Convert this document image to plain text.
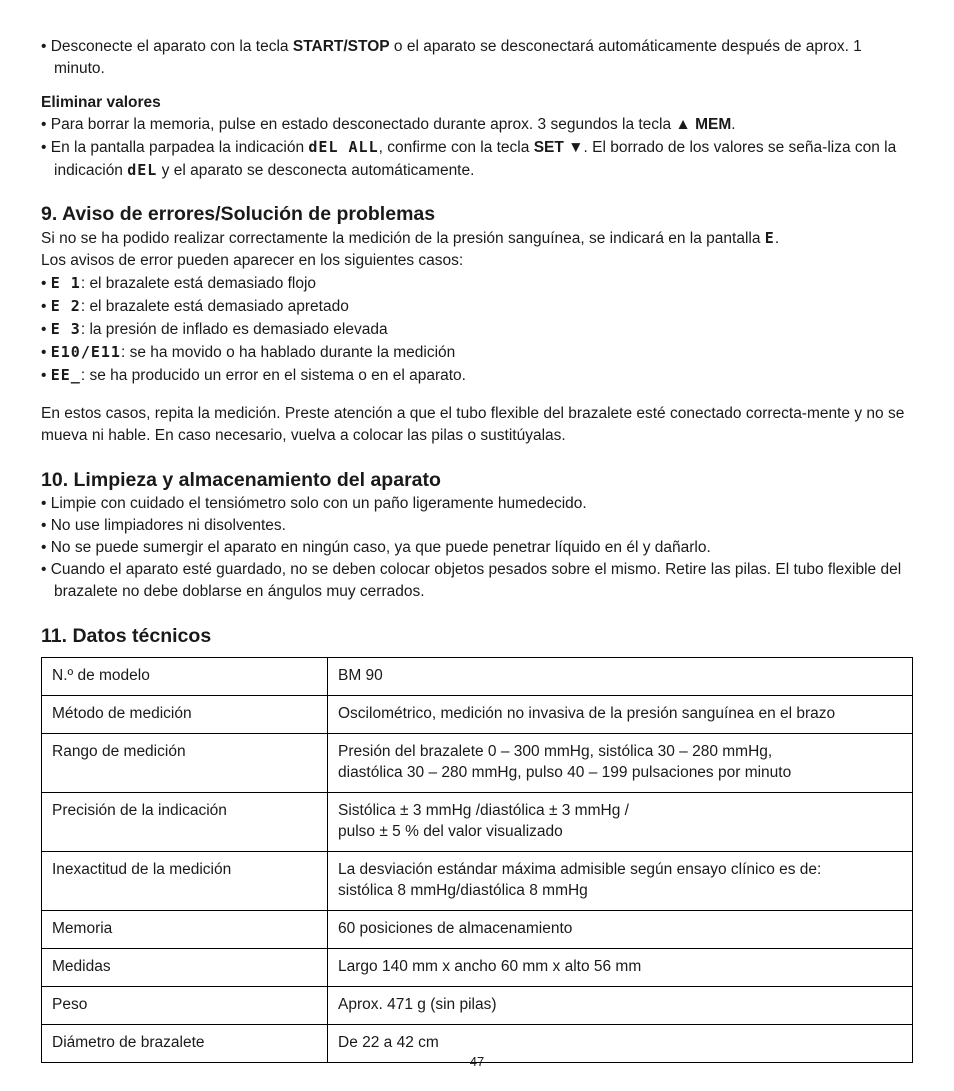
• Desconecte el aparato con la tecla START/STOP o el aparato se desconectará automáticamente después de aprox. 1 minuto.

Eliminar valores

• Para borrar la memoria, pulse en estado desconectado durante aprox. 3 segundos la tecla ▲ MEM.

• En la pantalla parpadea la indicación dEL ALL, confirme con la tecla SET ▼. El borrado de los valores se seña-liza con la indicación dEL y el aparato se desconecta automáticamente.

9. Aviso de errores/Solución de problemas

Si no se ha podido realizar correctamente la medición de la presión sanguínea, se indicará en la pantalla E.

Los avisos de error pueden aparecer en los siguientes casos:

• E 1: el brazalete está demasiado flojo

• E 2: el brazalete está demasiado apretado

• E 3: la presión de inflado es demasiado elevada

• E10/E11: se ha movido o ha hablado durante la medición

• EE_: se ha producido un error en el sistema o en el aparato.

En estos casos, repita la medición. Preste atención a que el tubo flexible del brazalete esté conectado correcta-mente y no se mueva ni hable. En caso necesario, vuelva a colocar las pilas o sustitúyalas.

10. Limpieza y almacenamiento del aparato

• Limpie con cuidado el tensiómetro solo con un paño ligeramente humedecido.

• No use limpiadores ni disolventes.

• No se puede sumergir el aparato en ningún caso, ya que puede penetrar líquido en él y dañarlo.

• Cuando el aparato esté guardado, no se deben colocar objetos pesados sobre el mismo. Retire las pilas. El tubo flexible del brazalete no debe doblarse en ángulos muy cerrados.

11. Datos técnicos
N.º de modelo	BM 90

Método de medición	Oscilométrico, medición no invasiva de la presión sanguínea en el brazo

Rango de medición	Presión del brazalete 0 – 300 mmHg, sistólica 30 – 280 mmHg,
diastólica 30 – 280 mmHg, pulso 40 – 199 pulsaciones por minuto

Precisión de la indicación	Sistólica ± 3 mmHg /diastólica ± 3 mmHg /
pulso ± 5 % del valor visualizado

Inexactitud de la medición	La desviación estándar máxima admisible según ensayo clínico es de:
sistólica 8 mmHg/diastólica 8 mmHg

Memoria	60 posiciones de almacenamiento

Medidas	Largo 140 mm x ancho 60 mm x alto 56 mm

Peso	Aprox. 471 g (sin pilas)

Diámetro de brazalete	De 22 a 42 cm
47
